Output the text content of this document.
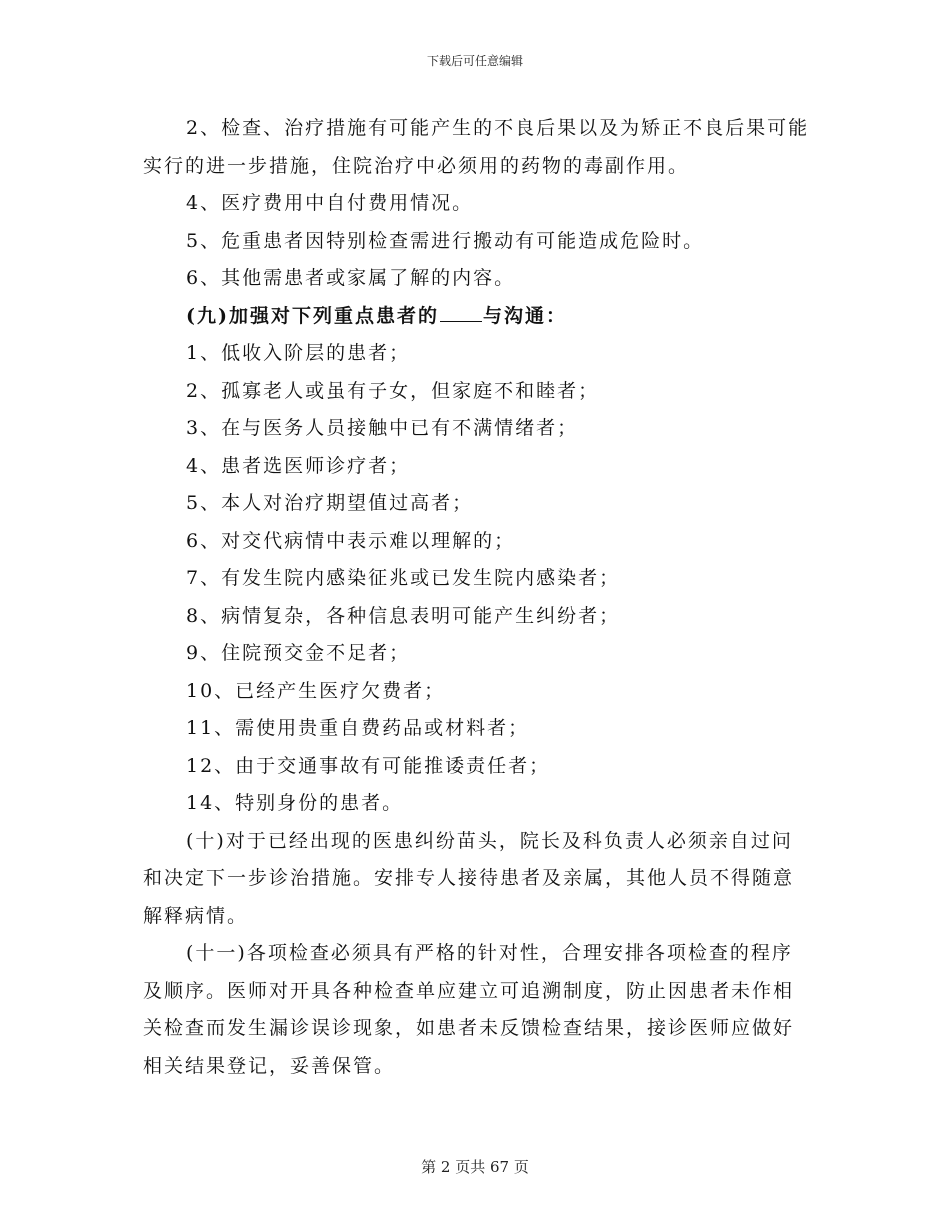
下载后可任意编辑

2、检查、治疗措施有可能产生的不良后果以及为矫正不良后果可能实行的进一步措施，住院治疗中必须用的药物的毒副作用。

4、医疗费用中自付费用情况。

5、危重患者因特别检查需进行搬动有可能造成危险时。

6、其他需患者或家属了解的内容。

(九)加强对下列重点患者的 与沟通：

1、低收入阶层的患者；

2、孤寡老人或虽有子女，但家庭不和睦者；

3、在与医务人员接触中已有不满情绪者；

4、患者选医师诊疗者；

5、本人对治疗期望值过高者；

6、对交代病情中表示难以理解的；

7、有发生院内感染征兆或已发生院内感染者；

8、病情复杂，各种信息表明可能产生纠纷者；

9、住院预交金不足者；

10、已经产生医疗欠费者；

11、需使用贵重自费药品或材料者；

12、由于交通事故有可能推诿责任者；

14、特别身份的患者。

(十)对于已经出现的医患纠纷苗头，院长及科负责人必须亲自过问和决定下一步诊治措施。安排专人接待患者及亲属，其他人员不得随意解释病情。

(十一)各项检查必须具有严格的针对性，合理安排各项检查的程序及顺序。医师对开具各种检查单应建立可追溯制度，防止因患者未作相关检查而发生漏诊误诊现象，如患者未反馈检查结果，接诊医师应做好相关结果登记，妥善保管。

第 2 页共 67 页
